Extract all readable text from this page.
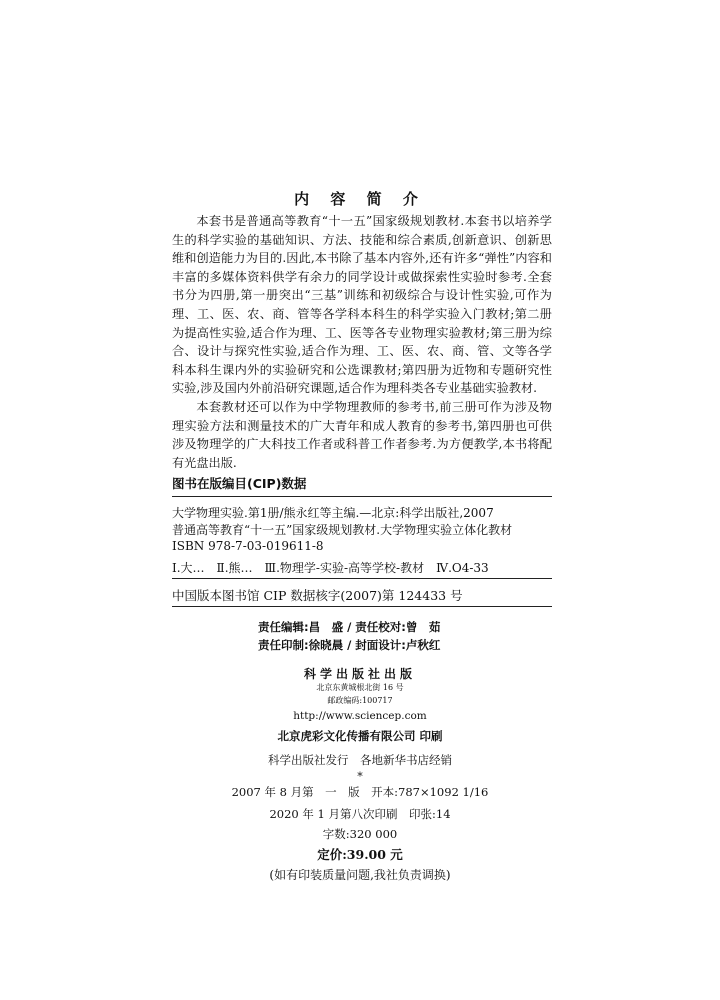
内 容 简 介

本套书是普通高等教育“十一五”国家级规划教材.本套书以培养学生的科学实验的基础知识、方法、技能和综合素质,创新意识、创新思维和创造能力为目的.因此,本书除了基本内容外,还有许多“弹性”内容和丰富的多媒体资料供学有余力的同学设计或做探索性实验时参考.全套书分为四册,第一册突出“三基”训练和初级综合与设计性实验,可作为理、工、医、农、商、管等各学科本科生的科学实验入门教材;第二册为提高性实验,适合作为理、工、医等各专业物理实验教材;第三册为综合、设计与探究性实验,适合作为理、工、医、农、商、管、文等各学科本科生课内外的实验研究和公选课教材;第四册为近物和专题研究性实验,涉及国内外前沿研究课题,适合作为理科类各专业基础实验教材.

本套教材还可以作为中学物理教师的参考书,前三册可作为涉及物理实验方法和测量技术的广大青年和成人教育的参考书,第四册也可供涉及物理学的广大科技工作者或科普工作者参考.为方便教学,本书将配有光盘出版.

图书在版编目(CIP)数据
大学物理实验.第1册/熊永红等主编.—北京:科学出版社,2007
普通高等教育“十一五”国家级规划教材.大学物理实验立体化教材
ISBN 978-7-03-019611-8
Ⅰ.大…　Ⅱ.熊…　Ⅲ.物理学-实验-高等学校-教材　Ⅳ.O4-33
中国版本图书馆 CIP 数据核字(2007)第 124433 号
责任编辑:昌　盛 / 责任校对:曾　茹
责任印制:徐晓晨 / 封面设计:卢秋红
科学出版社出版
北京东黄城根北街 16 号
邮政编码:100717
http://www.sciencep.com
北京虎彩文化传播有限公司 印刷
科学出版社发行　各地新华书店经销
*
2007 年 8 月第　一　版　开本:787×1092 1/16
2020 年 1 月第八次印刷　印张:14
字数:320 000
定价:39.00 元
(如有印装质量问题,我社负责调换)
